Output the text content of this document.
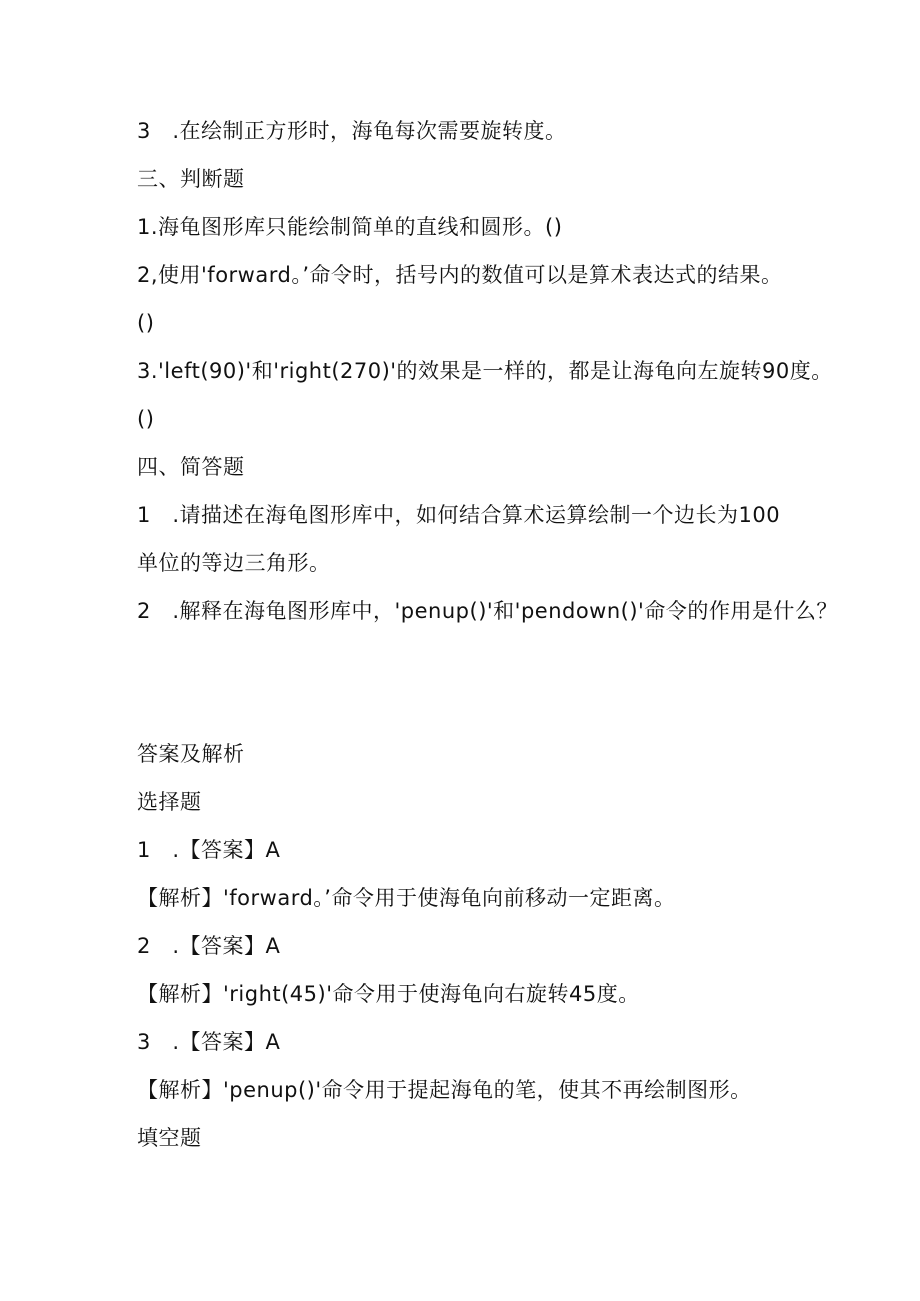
3　.在绘制正方形时，海龟每次需要旋转度。
三、判断题
1.海龟图形库只能绘制简单的直线和圆形。()
2,使用'forward。’命令时，括号内的数值可以是算术表达式的结果。
()
3.'left(90)'和'right(270)'的效果是一样的，都是让海龟向左旋转90度。
()
四、简答题
1　.请描述在海龟图形库中，如何结合算术运算绘制一个边长为100
单位的等边三角形。
2　.解释在海龟图形库中，'penup()'和'pendown()'命令的作用是什么？
答案及解析
选择题
1　.【答案】A
【解析】'forward。’命令用于使海龟向前移动一定距离。
2　.【答案】A
【解析】'right(45)'命令用于使海龟向右旋转45度。
3　.【答案】A
【解析】'penup()'命令用于提起海龟的笔，使其不再绘制图形。
填空题
